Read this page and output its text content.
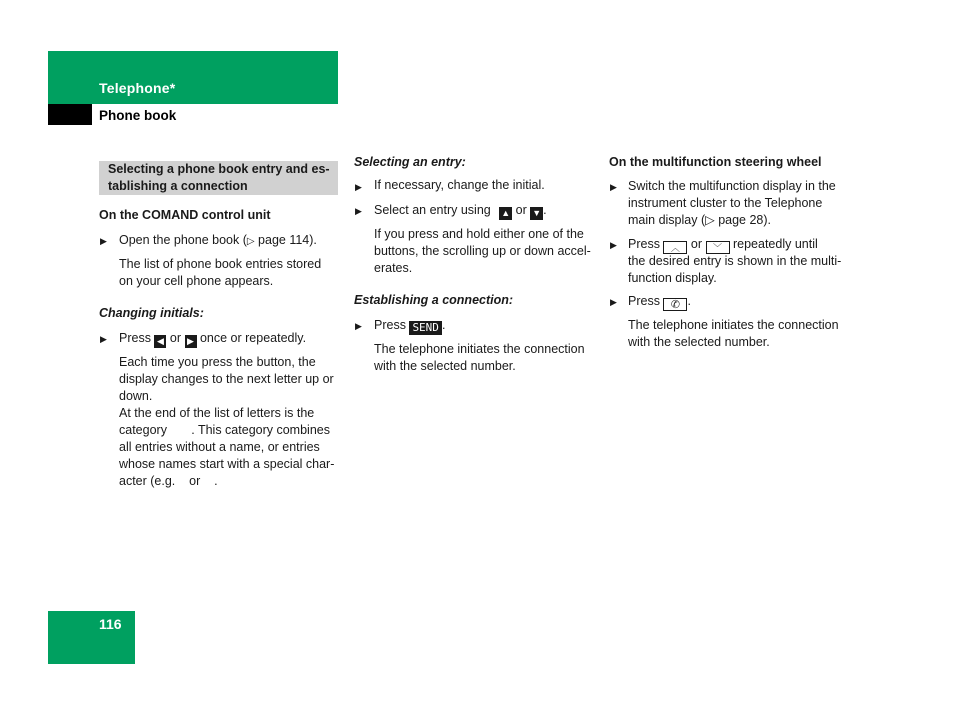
Telephone*
Phone book
Selecting a phone book entry and es-
tablishing a connection
On the COMAND control unit
▶ Open the phone book (▷ page 114).
The list of phone book entries stored
on your cell phone appears.
Changing initials:
▶ Press ◀ or ▶ once or repeatedly.
Each time you press the button, the
display changes to the next letter up or
down.
At the end of the list of letters is the
category       . This category combines
all entries without a name, or entries
whose names start with a special char-
acter (e.g.    or    .
Selecting an entry:
▶ If necessary, change the initial.
▶ Select an entry using ▲ or ▼ .
If you press and hold either one of the
buttons, the scrolling up or down accel-
erates.
Establishing a connection:
▶ Press SEND .
The telephone initiates the connection
with the selected number.
On the multifunction steering wheel
▶ Switch the multifunction display in the
instrument cluster to the Telephone
main display (▷ page 28).
▶ Press ︿ or ﹀ repeatedly until
the desired entry is shown in the multi-
function display.
▶ Press ✆ .
The telephone initiates the connection
with the selected number.
116
